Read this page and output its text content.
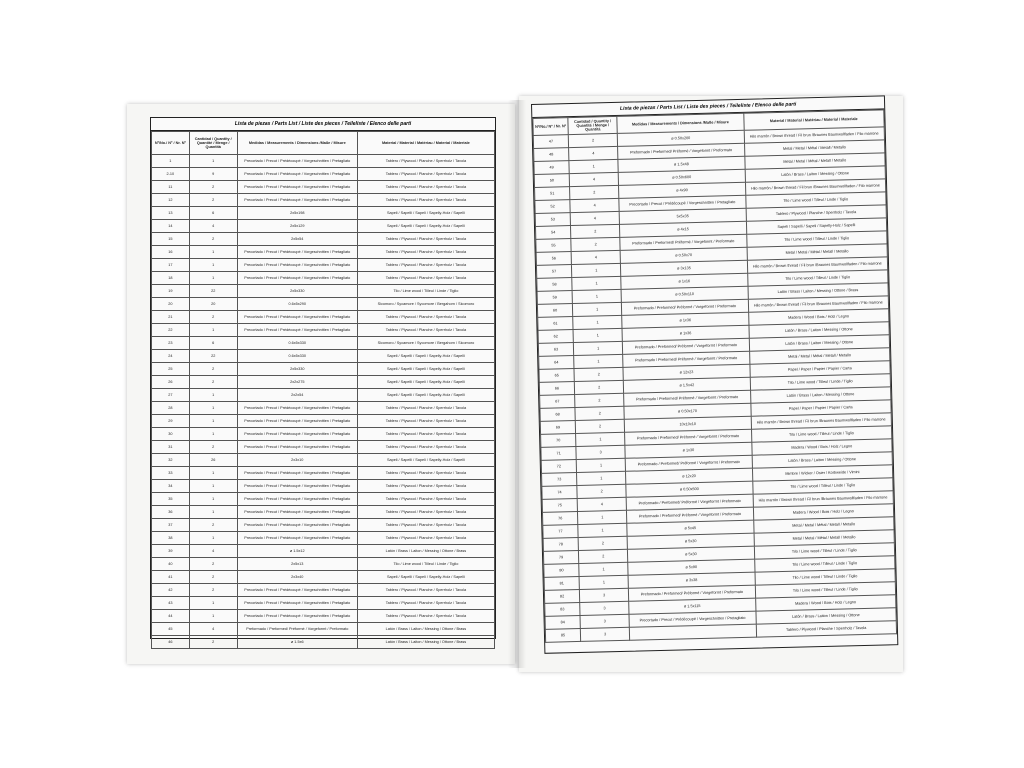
Lista de piezas / Parts List / Liste des pieces / Teileliste / Elenco delle parti
Nº/No./ Nº / Nr. Nº	Cantidad / Quantity / Quantité / Menge / Quantità	Medidas / Measurements / Dimensions /Maße / Misure	Material / Material / Matériau / Material / Materiale
1	1	Precortado / Precut / Prédécoupé / Vorgeschnitten / Pretagliato	Tablero / Plywood / Planche / Sperrholz / Tavola
2-10	9	Precortado / Precut / Prédécoupé / Vorgeschnitten / Pretagliato	Tablero / Plywood / Planche / Sperrholz / Tavola
11	2	Precortado / Precut / Prédécoupé / Vorgeschnitten / Pretagliato	Tablero / Plywood / Planche / Sperrholz / Tavola
12	2	Precortado / Precut / Prédécoupé / Vorgeschnitten / Pretagliato	Tablero / Plywood / Planche / Sperrholz / Tavola
13	6	2x5x198	Sapeli / Sapelli / Sapeli / Sapelly-Holz / Sapelli
14	4	2x5x129	Sapeli / Sapelli / Sapeli / Sapelly-Holz / Sapelli
15	2	2x5x54	Tablero / Plywood / Planche / Sperrholz / Tavola
16	1	Precortado / Precut / Prédécoupé / Vorgeschnitten / Pretagliato	Tablero / Plywood / Planche / Sperrholz / Tavola
17	1	Precortado / Precut / Prédécoupé / Vorgeschnitten / Pretagliato	Tablero / Plywood / Planche / Sperrholz / Tavola
18	1	Precortado / Precut / Prédécoupé / Vorgeschnitten / Pretagliato	Tablero / Plywood / Planche / Sperrholz / Tavola
19	22	2x5x330	Tilo / Lime wood / Tilleul / Linde / Tiglio
20	20	0.6x5x290	Sicomoro / Sycamore / Sycomore / Bergahorn / Sicomoro
21	2	Precortado / Precut / Prédécoupé / Vorgeschnitten / Pretagliato	Tablero / Plywood / Planche / Sperrholz / Tavola
22	1	Precortado / Precut / Prédécoupé / Vorgeschnitten / Pretagliato	Tablero / Plywood / Planche / Sperrholz / Tavola
23	6	0.6x5x330	Sicomoro / Sycamore / Sycomore / Bergahorn / Sicomoro
24	22	0.6x5x330	Sapeli / Sapelli / Sapeli / Sapelly-Holz / Sapelli
25	2	2x5x330	Sapeli / Sapelli / Sapeli / Sapelly-Holz / Sapelli
26	2	2x2x275	Sapeli / Sapelli / Sapeli / Sapelly-Holz / Sapelli
27	1	2x2x54	Sapeli / Sapelli / Sapeli / Sapelly-Holz / Sapelli
28	1	Precortado / Precut / Prédécoupé / Vorgeschnitten / Pretagliato	Tablero / Plywood / Planche / Sperrholz / Tavola
29	1	Precortado / Precut / Prédécoupé / Vorgeschnitten / Pretagliato	Tablero / Plywood / Planche / Sperrholz / Tavola
30	1	Precortado / Precut / Prédécoupé / Vorgeschnitten / Pretagliato	Tablero / Plywood / Planche / Sperrholz / Tavola
31	2	Precortado / Precut / Prédécoupé / Vorgeschnitten / Pretagliato	Tablero / Plywood / Planche / Sperrholz / Tavola
32	26	2x3x10	Sapeli / Sapelli / Sapeli / Sapelly-Holz / Sapelli
33	1	Precortado / Precut / Prédécoupé / Vorgeschnitten / Pretagliato	Tablero / Plywood / Planche / Sperrholz / Tavola
34	1	Precortado / Precut / Prédécoupé / Vorgeschnitten / Pretagliato	Tablero / Plywood / Planche / Sperrholz / Tavola
35	1	Precortado / Precut / Prédécoupé / Vorgeschnitten / Pretagliato	Tablero / Plywood / Planche / Sperrholz / Tavola
36	1	Precortado / Precut / Prédécoupé / Vorgeschnitten / Pretagliato	Tablero / Plywood / Planche / Sperrholz / Tavola
37	2	Precortado / Precut / Prédécoupé / Vorgeschnitten / Pretagliato	Tablero / Plywood / Planche / Sperrholz / Tavola
38	1	Precortado / Precut / Prédécoupé / Vorgeschnitten / Pretagliato	Tablero / Plywood / Planche / Sperrholz / Tavola
39	4	ø 1.5x12	Latón / Brass / Laiton / Messing / Ottone / Brass
40	2	2x5x13	Tilo / Lime wood / Tilleul / Linde / Tiglio
41	2	2x3x40	Sapeli / Sapelli / Sapeli / Sapelly-Holz / Sapelli
42	2	Precortado / Precut / Prédécoupé / Vorgeschnitten / Pretagliato	Tablero / Plywood / Planche / Sperrholz / Tavola
43	1	Precortado / Precut / Prédécoupé / Vorgeschnitten / Pretagliato	Tablero / Plywood / Planche / Sperrholz / Tavola
44	1	Precortado / Precut / Prédécoupé / Vorgeschnitten / Pretagliato	Tablero / Plywood / Planche / Sperrholz / Tavola
45	4	Preformado / Preformed/ Préformé / Vorgeformt / Preformato	Latón / Brass / Laiton / Messing / Ottone / Brass
46	2	ø 1.5x6	Latón / Brass / Laiton / Messing / Ottone / Brass
Lista de piezas / Parts List / Liste des pieces / Teileliste / Elenco delle parti
Nº/No./ Nº / Nr. Nº	Cantidad / Quantity / Quantité / Menge / Quantità	Medidas / Measurements / Dimensions /Maße / Misure	Material / Material / Matériau / Material / Materiale
47	2	ø 0.50x200	Hilo marrón / Brown thread / Fil brun /Braunes Baumwollfaden / Filo marrone
48	4	Preformado / Preformed/ Préformé / Vorgeformt / Preformato	Metal / Metal / Métal / Metall / Metallo
49	1	ø 1.5x48	Metal / Metal / Métal / Metall / Metallo
50	4	ø 0.50x600	Latón / Brass / Laiton / Messing / Ottone
51	2	ø 4x90	Hilo marrón / Brown thread / Fil brun /Braunes Baumwollfaden / Filo marrone
52	4	Precortado / Precut / Prédécoupé / Vorgeschnitten / Pretagliato	Tilo / Lime wood / Tilleul / Linde / Tiglio
53	4	5x5x35	Tablero / Plywood / Planche / Sperrholz / Tavola
54	2	ø 4x15	Sapeli / Sapelli / Sapeli / Sapelly-Holz / Sapelli
55	2	Preformado / Preformed/ Préformé / Vorgeformt / Preformato	Tilo / Lime wood / Tilleul / Linde / Tiglio
56	4	ø 0.50x70	Metal / Metal / Métal / Metall / Metallo
57	1	ø 3x135	Hilo marrón / Brown thread / Fil brun /Braunes Baumwollfaden / Filo marrone
58	1	ø 1x16	Tilo / Lime wood / Tilleul / Linde / Tiglio
59	1	ø 0.50x110	Latón / Brass / Laiton / Messing / Ottone / Brass
60	1	Preformado / Preformed/ Préformé / Vorgeformt / Preformato	Hilo marrón / Brown thread / Fil brun /Braunes Baumwollfaden / Filo marrone
61	1	ø 1x36	Madera / Wood / Bois / Holz / Legno
62	1	ø 1x36	Latón / Brass / Laiton / Messing / Ottone
63	1	Preformado / Preformed/ Préformé / Vorgeformt / Preformato	Latón / Brass / Laiton / Messing / Ottone
64	1	Preformado / Preformed/ Préformé / Vorgeformt / Preformato	Metal / Metal / Métal / Metall / Metallo
65	2	ø 12x23	Papel / Paper / Papier / Papier / Carta
66	2	ø 1.5x42	Tilo / Lime wood / Tilleul / Linde / Tiglio
67	2	Preformado / Preformed/ Préformé / Vorgeformt / Preformato	Latón / Brass / Laiton / Messing / Ottone
68	2	ø 0.50x170	Papel / Paper / Papier / Papier / Carta
69	2	10x10x10	Hilo marrón / Brown thread / Fil brun /Braunes Baumwollfaden / Filo marrone
70	1	Preformado / Preformed/ Préformé / Vorgeformt / Preformato	Tilo / Lime wood / Tilleul / Linde / Tiglio
71	3	ø 1x30	Madera / Wood / Bois / Holz / Legno
72	1	Preformado / Preformed/ Préformé / Vorgeformt / Preformato	Latón / Brass / Laiton / Messing / Ottone
73	1	ø 12x20	Mimbre / Wicker / Osier / Korbweide / Vimini
74	2	ø 0.50x500	Tilo / Lime wood / Tilleul / Linde / Tiglio
75	4	Preformado / Preformed/ Préformé / Vorgeformt / Preformato	Hilo marrón / Brown thread / Fil brun /Braunes Baumwollfaden / Filo marrone
76	1	Preformado / Preformed/ Préformé / Vorgeformt / Preformato	Madera / Wood / Bois / Holz / Legno
77	1	ø 5x45	Metal / Metal / Métal / Metall / Metallo
78	2	ø 5x30	Metal / Metal / Métal / Metall / Metallo
79	2	ø 5x30	Tilo / Lime wood / Tilleul / Linde / Tiglio
80	1	ø 5x90	Tilo / Lime wood / Tilleul / Linde / Tiglio
81	1	ø 3x38	Tilo / Lime wood / Tilleul / Linde / Tiglio
82	3	Preformado / Preformed/ Préformé / Vorgeformt / Preformato	Tilo / Lime wood / Tilleul / Linde / Tiglio
83	3	ø 1.5x115	Madera / Wood / Bois / Holz / Legno
84	3	Precortado / Precut / Prédécoupé / Vorgeschnitten / Pretagliato	Latón / Brass / Laiton / Messing / Ottone
85	3		Tablero / Plywood / Planche / Sperrholz / Tavola
